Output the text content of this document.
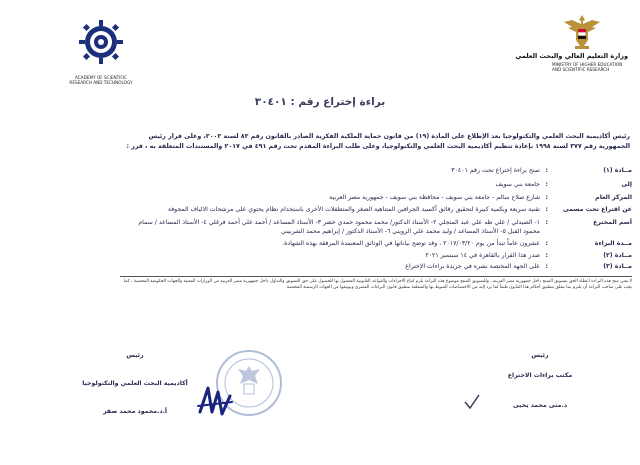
ACADEMY OF SCIENTIFIC RESEARCH AND TECHNOLOGY
وزارة التعليم العالي والبحث العلمي
MINISTRY OF HIGHER EDUCATION AND SCIENTIFIC RESEARCH
براءة إختراع رقم : ٣٠٤٠١
رئيس أكاديمية البحث العلمي والتكنولوجيا بعد الإطلاع على المادة (١٩) من قانون حماية الملكية الفكرية الصادر بالقانون رقم ٨٢ لسنة ٢٠٠٢، وعلى قرار رئيس الجمهورية رقم ٣٧٧ لسنة ١٩٩٨ بإعادة تنظيم أكاديمية البحث العلمي والتكنولوجيا، وعلى طلب البراءة المقدم تحت رقم ٤٩١ في ٢٠١٧ والمستندات المتعلقة به ، قرر :
مــادة (١)
:
تمنح براءة إختراع تحت رقم ٣٠٤٠١
إلى
:
جامعة بني سويف
المركز العام
:
شارع صلاح سالم - جامعة بني سويف - محافظة بني سويف - جمهورية مصر العربية
عن اقتراع تحت مسمى
:
تقنية سريعة وبكمية كبيرة لتحقيق رقائق أكسيد الجرافين المتناهية الصغر والمتطفلات الأخرى باستخدام نظام يحتوي على مرشحات الالياف المجوفة
أسم المخترع
:
١- الصيدلي / علي طه علي عبد المتجلي ٢- الأستاذ الدكتور/ محمد محمود حمدي خضر ٣- الأستاذ المساعد / أحمد علي أحمد فرغلي ٤- الأستاذ المساعد / سمام محمود القبل ٥- الأستاذ المساعد / وليد محمد علي الرويني ٦- الأستاذ الدكتور / إبراهيم محمد الشربيني
مــدة البراءة
:
عشرون عاماً تبدأ من يوم ٢٠١٧/٠٣/٢٠ ، وقد توضح بياناتها في الوثائق المعتمدة المرفقة بهذه الشهادة.
مــادة (٢)
:
صدر هذا القرار بالقاهرة في ١٤ سبتمبر ٢٠٢١
مــادة (٣)
:
على الجهة المختصة نشره في جريدة براءات الإختراع
لا يعني منح هذه البراءة اعطاء الحق بتسويق المنتج داخل جمهورية مصر العربية ، وللتسويق المنتج موضوع هذه البراءة يلزم اتباع الاجراءات والقواعد القانونية المعمول بها للحصول على حق التسويق والتداول داخل جمهورية مصر العربية من الوزارات المعنية والجهات الحكومية المختصة ، كما يجب على صاحب البراءة أن يلتزم بما يتعلق بتطبيق أحكام هذا القانون طبقاً لما يرد إليه من الاختصاصات المنوط بها والمتعلقة بتطبيق قانون البراءات المصري وتوثيقها من الجهات الرسمية المختصة
رئيس
مكتب براءات الاختراع
د.منى محمد يحيى
رئيس
أكاديمية البحث العلمي والتكنولوجيا
أ.د.محمود محمد صقر
